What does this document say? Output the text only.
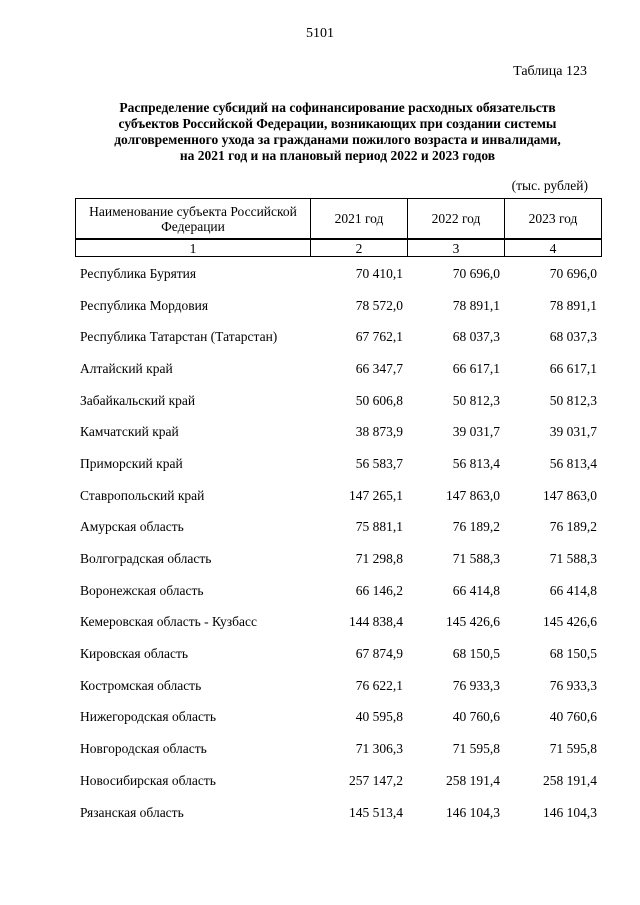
5101
Таблица 123
Распределение субсидий на софинансирование расходных обязательств
субъектов Российской Федерации, возникающих при создании системы
долговременного ухода за гражданами пожилого возраста и инвалидами,
на 2021 год и на плановый период 2022 и 2023 годов
(тыс. рублей)
Наименование субъекта Российской Федерации	2021 год	2022 год	2023 год
1	2	3	4
Республика Бурятия	70 410,1	70 696,0	70 696,0
Республика Мордовия	78 572,0	78 891,1	78 891,1
Республика Татарстан (Татарстан)	67 762,1	68 037,3	68 037,3
Алтайский край	66 347,7	66 617,1	66 617,1
Забайкальский край	50 606,8	50 812,3	50 812,3
Камчатский край	38 873,9	39 031,7	39 031,7
Приморский край	56 583,7	56 813,4	56 813,4
Ставропольский край	147 265,1	147 863,0	147 863,0
Амурская область	75 881,1	76 189,2	76 189,2
Волгоградская область	71 298,8	71 588,3	71 588,3
Воронежская область	66 146,2	66 414,8	66 414,8
Кемеровская область - Кузбасс	144 838,4	145 426,6	145 426,6
Кировская область	67 874,9	68 150,5	68 150,5
Костромская область	76 622,1	76 933,3	76 933,3
Нижегородская область	40 595,8	40 760,6	40 760,6
Новгородская область	71 306,3	71 595,8	71 595,8
Новосибирская область	257 147,2	258 191,4	258 191,4
Рязанская область	145 513,4	146 104,3	146 104,3
